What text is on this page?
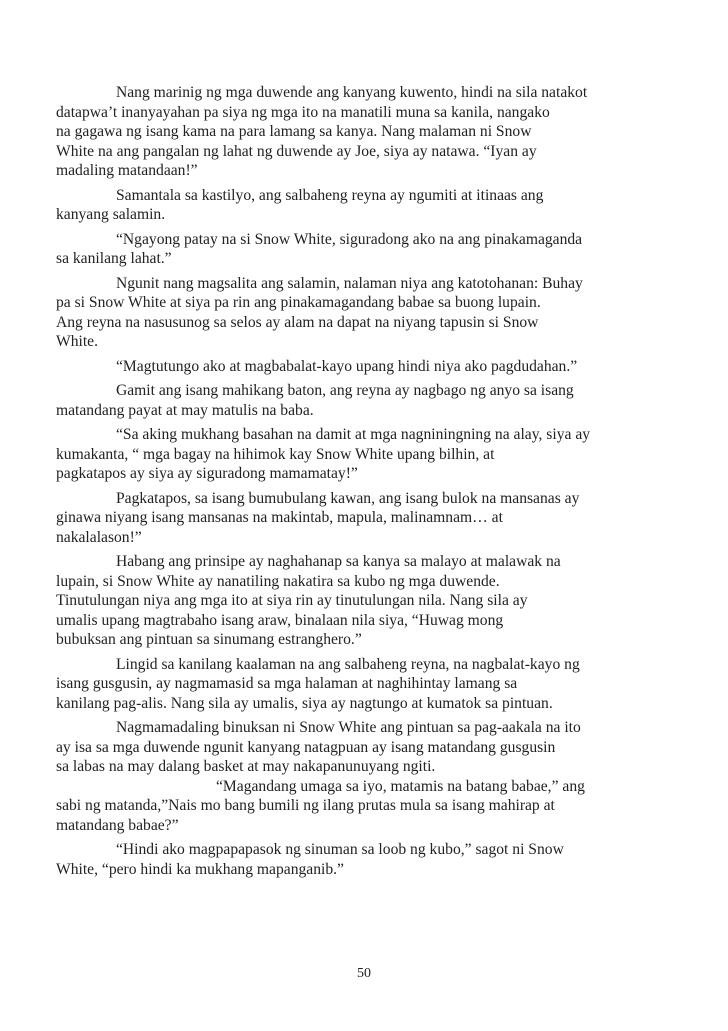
Nang marinig ng mga duwende ang kanyang kuwento, hindi na sila natakot
datapwa’t inanyayahan pa siya ng mga ito na manatili muna sa kanila, nangako
na gagawa ng isang kama na para lamang sa kanya. Nang malaman ni Snow
White na ang pangalan ng lahat ng duwende ay Joe, siya ay natawa. “Iyan ay
madaling matandaan!”

Samantala sa kastilyo, ang salbaheng reyna ay ngumiti at itinaas ang
kanyang salamin.

“Ngayong patay na si Snow White, siguradong ako na ang pinakamaganda
sa kanilang lahat.”

Ngunit nang magsalita ang salamin, nalaman niya ang katotohanan: Buhay
pa si Snow White at siya pa rin ang pinakamagandang babae sa buong lupain.
Ang reyna na nasusunog sa selos ay alam na dapat na niyang tapusin si Snow
White.

“Magtutungo ako at magbabalat-kayo upang hindi niya ako pagdudahan.”

Gamit ang isang mahikang baton, ang reyna ay nagbago ng anyo sa isang
matandang payat at may matulis na baba.

“Sa aking mukhang basahan na damit at mga nagniningning na alay, siya ay
kumakanta, “ mga bagay na hihimok kay Snow White upang bilhin, at
pagkatapos ay siya ay siguradong mamamatay!”

Pagkatapos, sa isang bumubulang kawan, ang isang bulok na mansanas ay
ginawa niyang isang mansanas na makintab, mapula, malinamnam… at
nakalalason!”

Habang ang prinsipe ay naghahanap sa kanya sa malayo at malawak na
lupain, si Snow White ay nanatiling nakatira sa kubo ng mga duwende.
Tinutulungan niya ang mga ito at siya rin ay tinutulungan nila. Nang sila ay
umalis upang magtrabaho isang araw, binalaan nila siya, “Huwag mong
bubuksan ang pintuan sa sinumang estranghero.”

Lingid sa kanilang kaalaman na ang salbaheng reyna, na nagbalat-kayo ng
isang gusgusin, ay nagmamasid sa mga halaman at naghihintay lamang sa
kanilang pag-alis. Nang sila ay umalis, siya ay nagtungo at kumatok sa pintuan.

Nagmamadaling binuksan ni Snow White ang pintuan sa pag-aakala na ito
ay isa sa mga duwende ngunit kanyang natagpuan ay isang matandang gusgusin
sa labas na may dalang basket at may nakapanunuyang ngiti.
“Magandang umaga sa iyo, matamis na batang babae,” ang
sabi ng matanda,”Nais mo bang bumili ng ilang prutas mula sa isang mahirap at
matandang babae?”

“Hindi ako magpapapasok ng sinuman sa loob ng kubo,” sagot ni Snow
White, “pero hindi ka mukhang mapanganib.”

50
